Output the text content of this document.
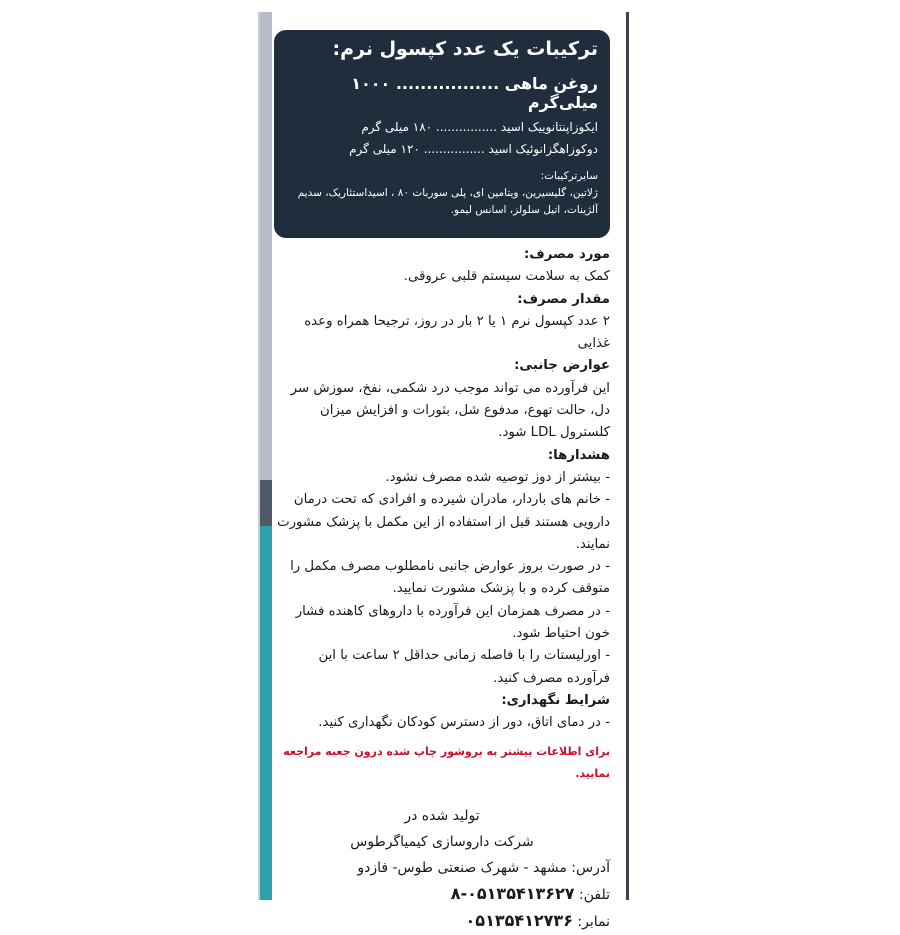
ترکیبات یک عدد کپسول نرم:
روغن ماهی ................. ۱۰۰۰ میلی‌گرم
ایکوزاپنتانوییک اسید ................ ۱۸۰ میلی گرم
دوکوزاهگزانوئیک اسید ................ ۱۲۰ میلی گرم
سایرترکیبات:
ژلاتین، گلیسیرین، ویتامین ای، پلی سوربات ۸۰ ، اسیداستئاریک، سدیم آلژینات، اتیل سلولز، اسانس لیمو.
مورد مصرف:
کمک به سلامت سیستم قلبی عروقی.
مقدار مصرف:
۲ عدد کپسول نرم ۱ یا ۲ بار در روز، ترجیحا همراه وعده غذایی
عوارض جانبی:
این فرآورده می تواند موجب درد شکمی، نفخ، سوزش سر دل، حالت تهوع، مدفوع شل، بثورات و افزایش میزان کلسترول LDL شود.
هشدارها:
- بیشتر از دوز توصیه شده مصرف نشود.
- خانم های باردار، مادران شیرده و افرادی که تحت درمان دارویی هستند قبل از استفاده از این مکمل با پزشک مشورت نمایند.
- در صورت بروز عوارض جانبی نامطلوب مصرف مکمل را متوقف کرده و با پزشک مشورت نمایید.
- در مصرف همزمان این فرآورده با داروهای کاهنده فشار خون احتیاط شود.
- اورلیستات را با فاصله زمانی حداقل ۲ ساعت با این فرآورده مصرف کنید.
شرایط نگهداری:
- در دمای اتاق، دور از دسترس کودکان نگهداری کنید.
برای اطلاعات بیشتر به بروشور چاپ شده درون جعبه مراجعه نمایید.
تولید شده در
شرکت داروسازی کیمیاگرطوس
آدرس: مشهد - شهرک صنعتی طوس- فازدو
تلفن: ۰۵۱۳۵۴۱۳۶۲۷-۸
نمابر: ۰۵۱۳۵۴۱۲۷۳۶
